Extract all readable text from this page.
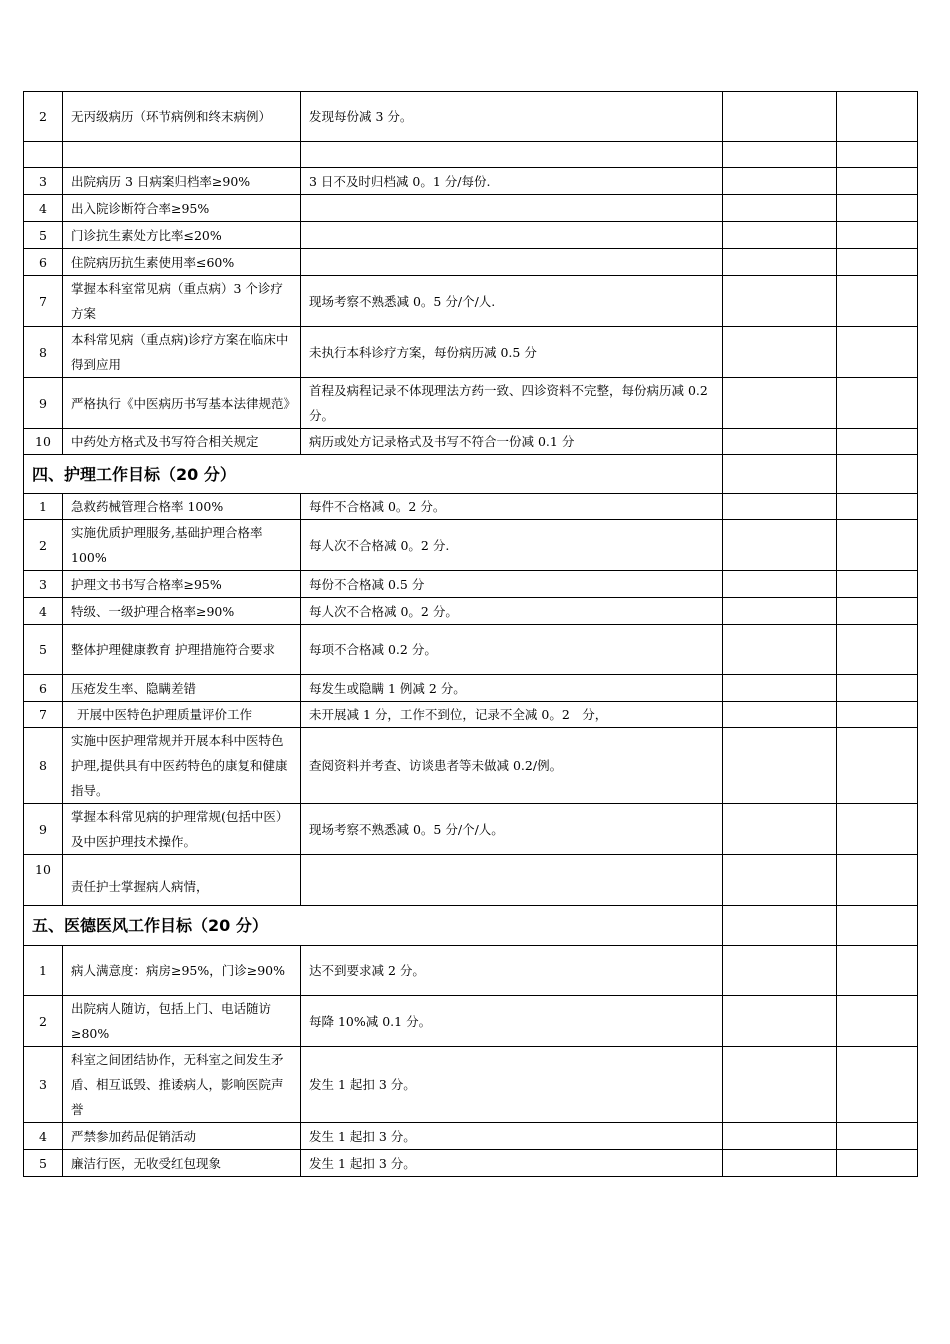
2	无丙级病历（环节病例和终末病例）	发现每份减 3 分。		

3	出院病历 3 日病案归档率≥90%	3 日不及时归档减 0。1 分/每份.		
4	出入院诊断符合率≥95%			
5	门诊抗生素处方比率≤20%			
6	住院病历抗生素使用率≤60%			
7	掌握本科室常见病（重点病）3 个诊疗方案	现场考察不熟悉减 0。5 分/个/人.		
8	本科常见病（重点病)诊疗方案在临床中得到应用	未执行本科诊疗方案，每份病历减 0.5 分		
9	严格执行《中医病历书写基本法律规范》	首程及病程记录不体现理法方药一致、四诊资料不完整，每份病历减 0.2 分。		
10	中药处方格式及书写符合相关规定	病历或处方记录格式及书写不符合一份减 0.1 分		
四、护理工作目标（20 分）				
1	急救药械管理合格率 100%	每件不合格减 0。2 分。		
2	实施优质护理服务,基础护理合格率 100%	每人次不合格减 0。2 分.		
3	护理文书书写合格率≥95%	每份不合格减 0.5 分		
4	特级、一级护理合格率≥90%	每人次不合格减 0。2 分。		
5	整体护理健康教育 护理措施符合要求	每项不合格减 0.2 分。		
6	压疮发生率、隐瞒差错	每发生或隐瞒 1 例减 2 分。		
7	开展中医特色护理质量评价工作	未开展减 1 分，工作不到位，记录不全减 0。2　分，		
8	实施中医护理常规并开展本科中医特色护理,提供具有中医药特色的康复和健康指导。	查阅资料并考查、访谈患者等未做减 0.2/例。		
9	掌握本科常见病的护理常规(包括中医）及中医护理技术操作。	现场考察不熟悉减 0。5 分/个/人。		
10	责任护士掌握病人病情，			
五、医德医风工作目标（20 分）				
1	病人满意度：病房≥95%，门诊≥90%	达不到要求减 2 分。		
2	出院病人随访，包括上门、电话随访≥80%	每降 10%减 0.1 分。		
3	科室之间团结协作，无科室之间发生矛盾、相互诋毁、推诿病人，影响医院声誉	发生 1 起扣 3 分。		
4	严禁参加药品促销活动	发生 1 起扣 3 分。		
5	廉洁行医，无收受红包现象	发生 1 起扣 3 分。		
